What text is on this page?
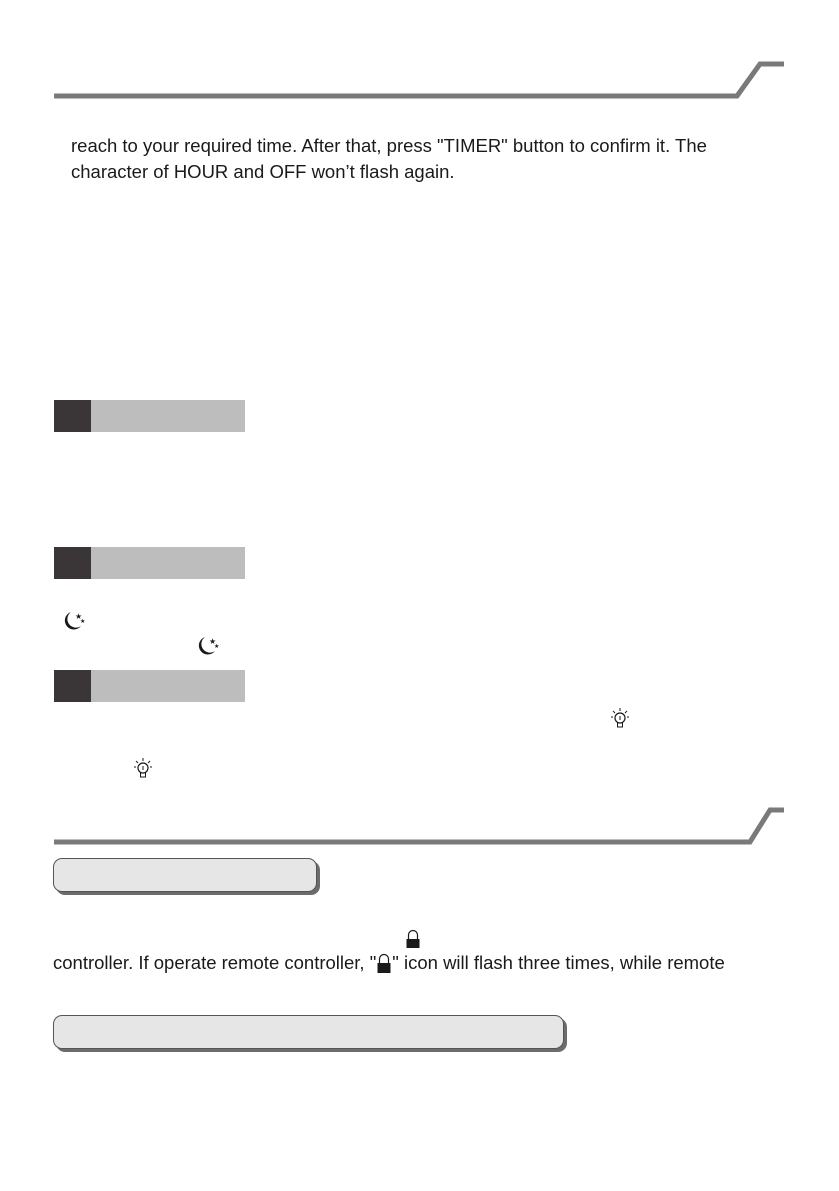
reach to your required time. After that, press "TIMER" button to confirm it. The
character of HOUR and OFF won’t flash again.
★
★
★
★
controller. If operate remote controller, " " icon will flash three times, while remote
